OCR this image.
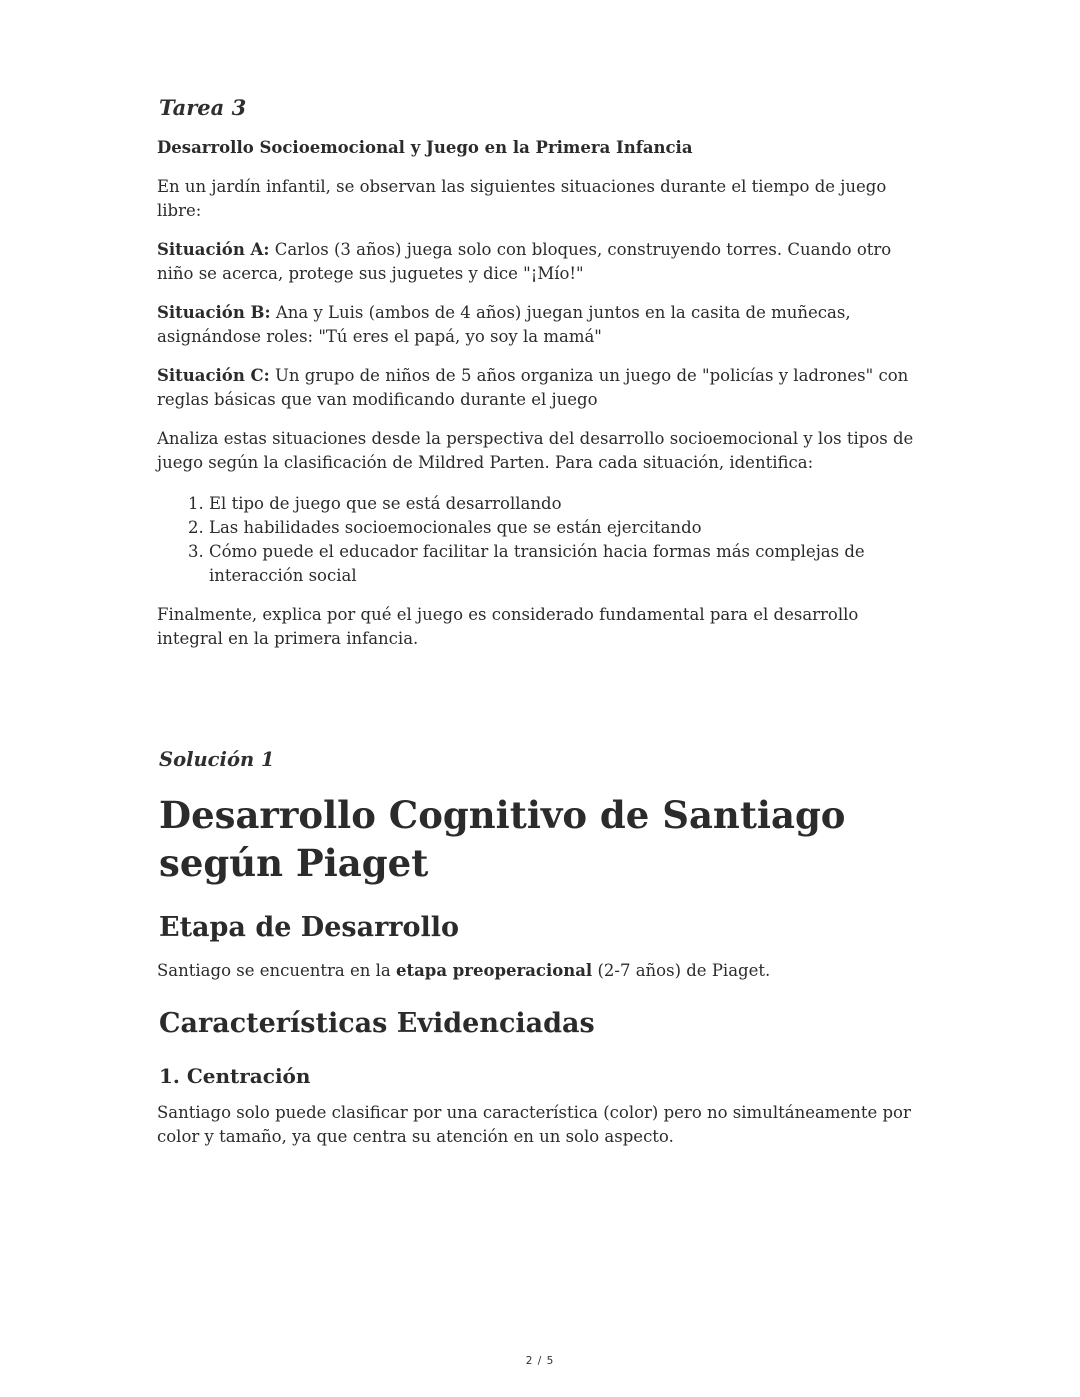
Tarea 3
Desarrollo Socioemocional y Juego en la Primera Infancia

En un jardín infantil, se observan las siguientes situaciones durante el tiempo de juego libre:

Situación A: Carlos (3 años) juega solo con bloques, construyendo torres. Cuando otro niño se acerca, protege sus juguetes y dice "¡Mío!"

Situación B: Ana y Luis (ambos de 4 años) juegan juntos en la casita de muñecas, asignándose roles: "Tú eres el papá, yo soy la mamá"

Situación C: Un grupo de niños de 5 años organiza un juego de "policías y ladrones" con reglas básicas que van modificando durante el juego

Analiza estas situaciones desde la perspectiva del desarrollo socioemocional y los tipos de juego según la clasificación de Mildred Parten. Para cada situación, identifica:

1. El tipo de juego que se está desarrollando
2. Las habilidades socioemocionales que se están ejercitando
3. Cómo puede el educador facilitar la transición hacia formas más complejas de interacción social

Finalmente, explica por qué el juego es considerado fundamental para el desarrollo integral en la primera infancia.

Solución 1
Desarrollo Cognitivo de Santiago según Piaget
Etapa de Desarrollo

Santiago se encuentra en la etapa preoperacional (2-7 años) de Piaget.

Características Evidenciadas
1. Centración

Santiago solo puede clasificar por una característica (color) pero no simultáneamente por color y tamaño, ya que centra su atención en un solo aspecto.

2 / 5
